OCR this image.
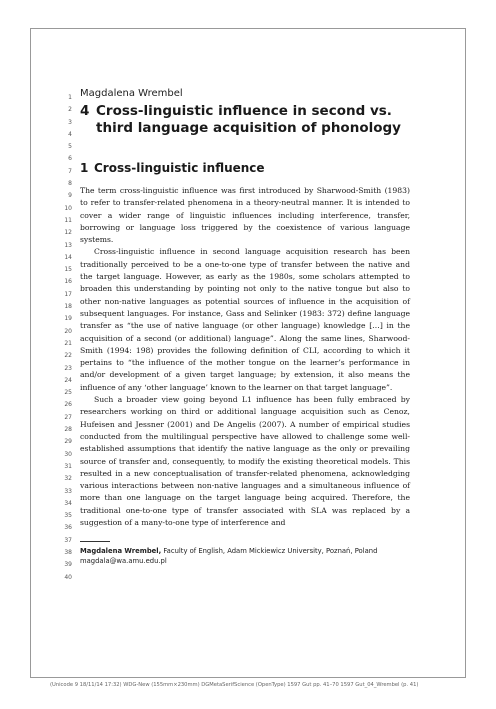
1
2
3
4
5
6
7
8
9
10
11
12
13
14
15
16
17
18
19
20
21
22
23
24
25
26
27
28
29
30
31
32
33
34
35
36
37
38
39
40

Magdalena Wrembel

4 Cross-linguistic influence in second vs.
third language acquisition of phonology
1 Cross-linguistic influence

The term cross-linguistic influence was first introduced by Sharwood-Smith (1983) to refer to transfer-related phenomena in a theory-neutral manner. It is intended to cover a wider range of linguistic influences including interference, transfer, borrowing or language loss triggered by the coexistence of various language systems.

Cross-linguistic influence in second language acquisition research has been traditionally perceived to be a one-to-one type of transfer between the native and the target language. However, as early as the 1980s, some scholars attempted to broaden this understanding by pointing not only to the native tongue but also to other non-native languages as potential sources of influence in the acquisition of subsequent languages. For instance, Gass and Selinker (1983: 372) define language transfer as “the use of native language (or other language) knowledge […] in the acquisition of a second (or additional) language”. Along the same lines, Sharwood-Smith (1994: 198) provides the following definition of CLI, according to which it pertains to “the influence of the mother tongue on the learner’s performance in and/or development of a given target language; by extension, it also means the influence of any ‘other language’ known to the learner on that target language”.

Such a broader view going beyond L1 influence has been fully embraced by researchers working on third or additional language acquisition such as Cenoz, Hufeisen and Jessner (2001) and De Angelis (2007). A number of empirical studies conducted from the multilingual perspective have allowed to challenge some well-established assumptions that identify the native language as the only or prevailing source of transfer and, consequently, to modify the existing theoretical models. This resulted in a new conceptualisation of transfer-related phenomena, acknowledging various interactions between non-native languages and a simultaneous influence of more than one language on the target language being acquired. Therefore, the traditional one-to-one type of transfer associated with SLA was replaced by a suggestion of a many-to-one type of interference and

Magdalena Wrembel, Faculty of English, Adam Mickiewicz University, Poznań, Poland
magdala@wa.amu.edu.pl
(Unicode 9 18/11/14 17:32) WDG-New (155mm×230mm) DGMetaSerifScience (OpenType) 1597 Gut pp. 41–70 1597 Gut_04_Wrembel (p. 41)
